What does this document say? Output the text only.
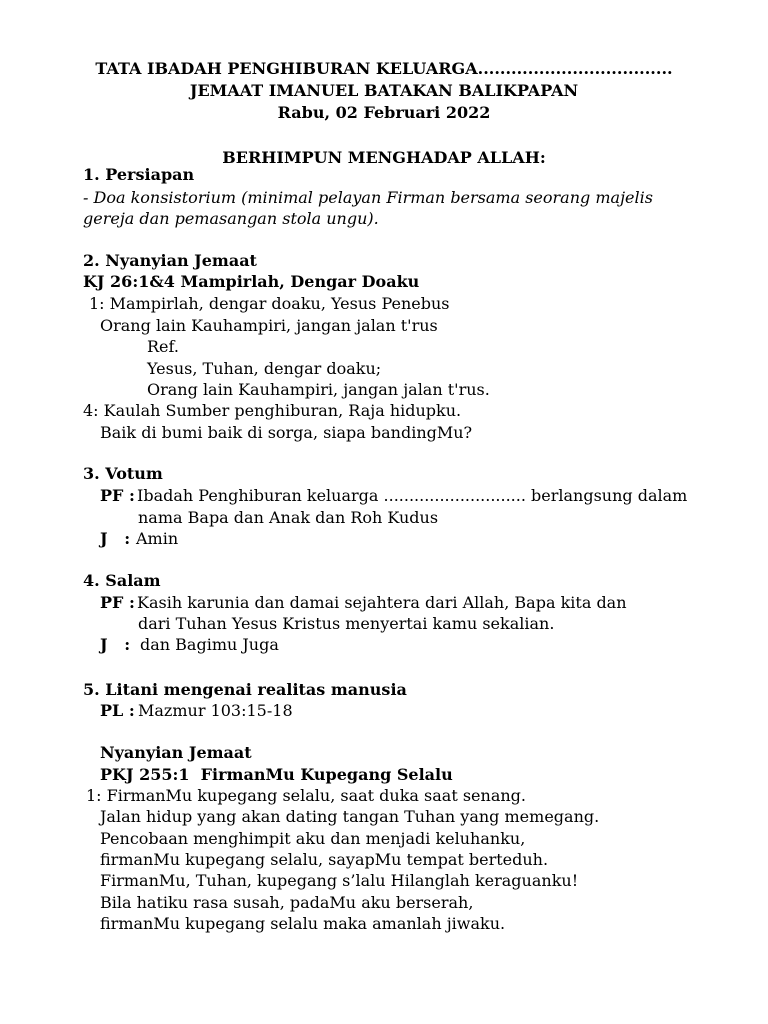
TATA IBADAH PENGHIBURAN KELUARGA...................................
JEMAAT IMANUEL BATAKAN BALIKPAPAN
Rabu, 02 Februari 2022
BERHIMPUN MENGHADAP ALLAH:
1. Persiapan
- Doa konsistorium (minimal pelayan Firman bersama seorang majelis
gereja dan pemasangan stola ungu).
2. Nyanyian Jemaat
KJ 26:1&4 Mampirlah, Dengar Doaku
1: Mampirlah, dengar doaku, Yesus Penebus
Orang lain Kauhampiri, jangan jalan t'rus
Ref.
Yesus, Tuhan, dengar doaku;
Orang lain Kauhampiri, jangan jalan t'rus.
4: Kaulah Sumber penghiburan, Raja hidupku.
Baik di bumi baik di sorga, siapa bandingMu?
3. Votum
PF : Ibadah Penghiburan keluarga ............................ berlangsung dalam
nama Bapa dan Anak dan Roh Kudus
J   : Amin
4. Salam
PF : Kasih karunia dan damai sejahtera dari Allah, Bapa kita dan
dari Tuhan Yesus Kristus menyertai kamu sekalian.
J   : dan Bagimu Juga
5. Litani mengenai realitas manusia
PL : Mazmur 103:15-18
Nyanyian Jemaat
PKJ 255:1  FirmanMu Kupegang Selalu
1: FirmanMu kupegang selalu, saat duka saat senang.
Jalan hidup yang akan dating tangan Tuhan yang memegang.
Pencobaan menghimpit aku dan menjadi keluhanku,
firmanMu kupegang selalu, sayapMu tempat berteduh.
FirmanMu, Tuhan, kupegang s’lalu Hilanglah keraguanku!
Bila hatiku rasa susah, padaMu aku berserah,
firmanMu kupegang selalu maka amanlah jiwaku.
